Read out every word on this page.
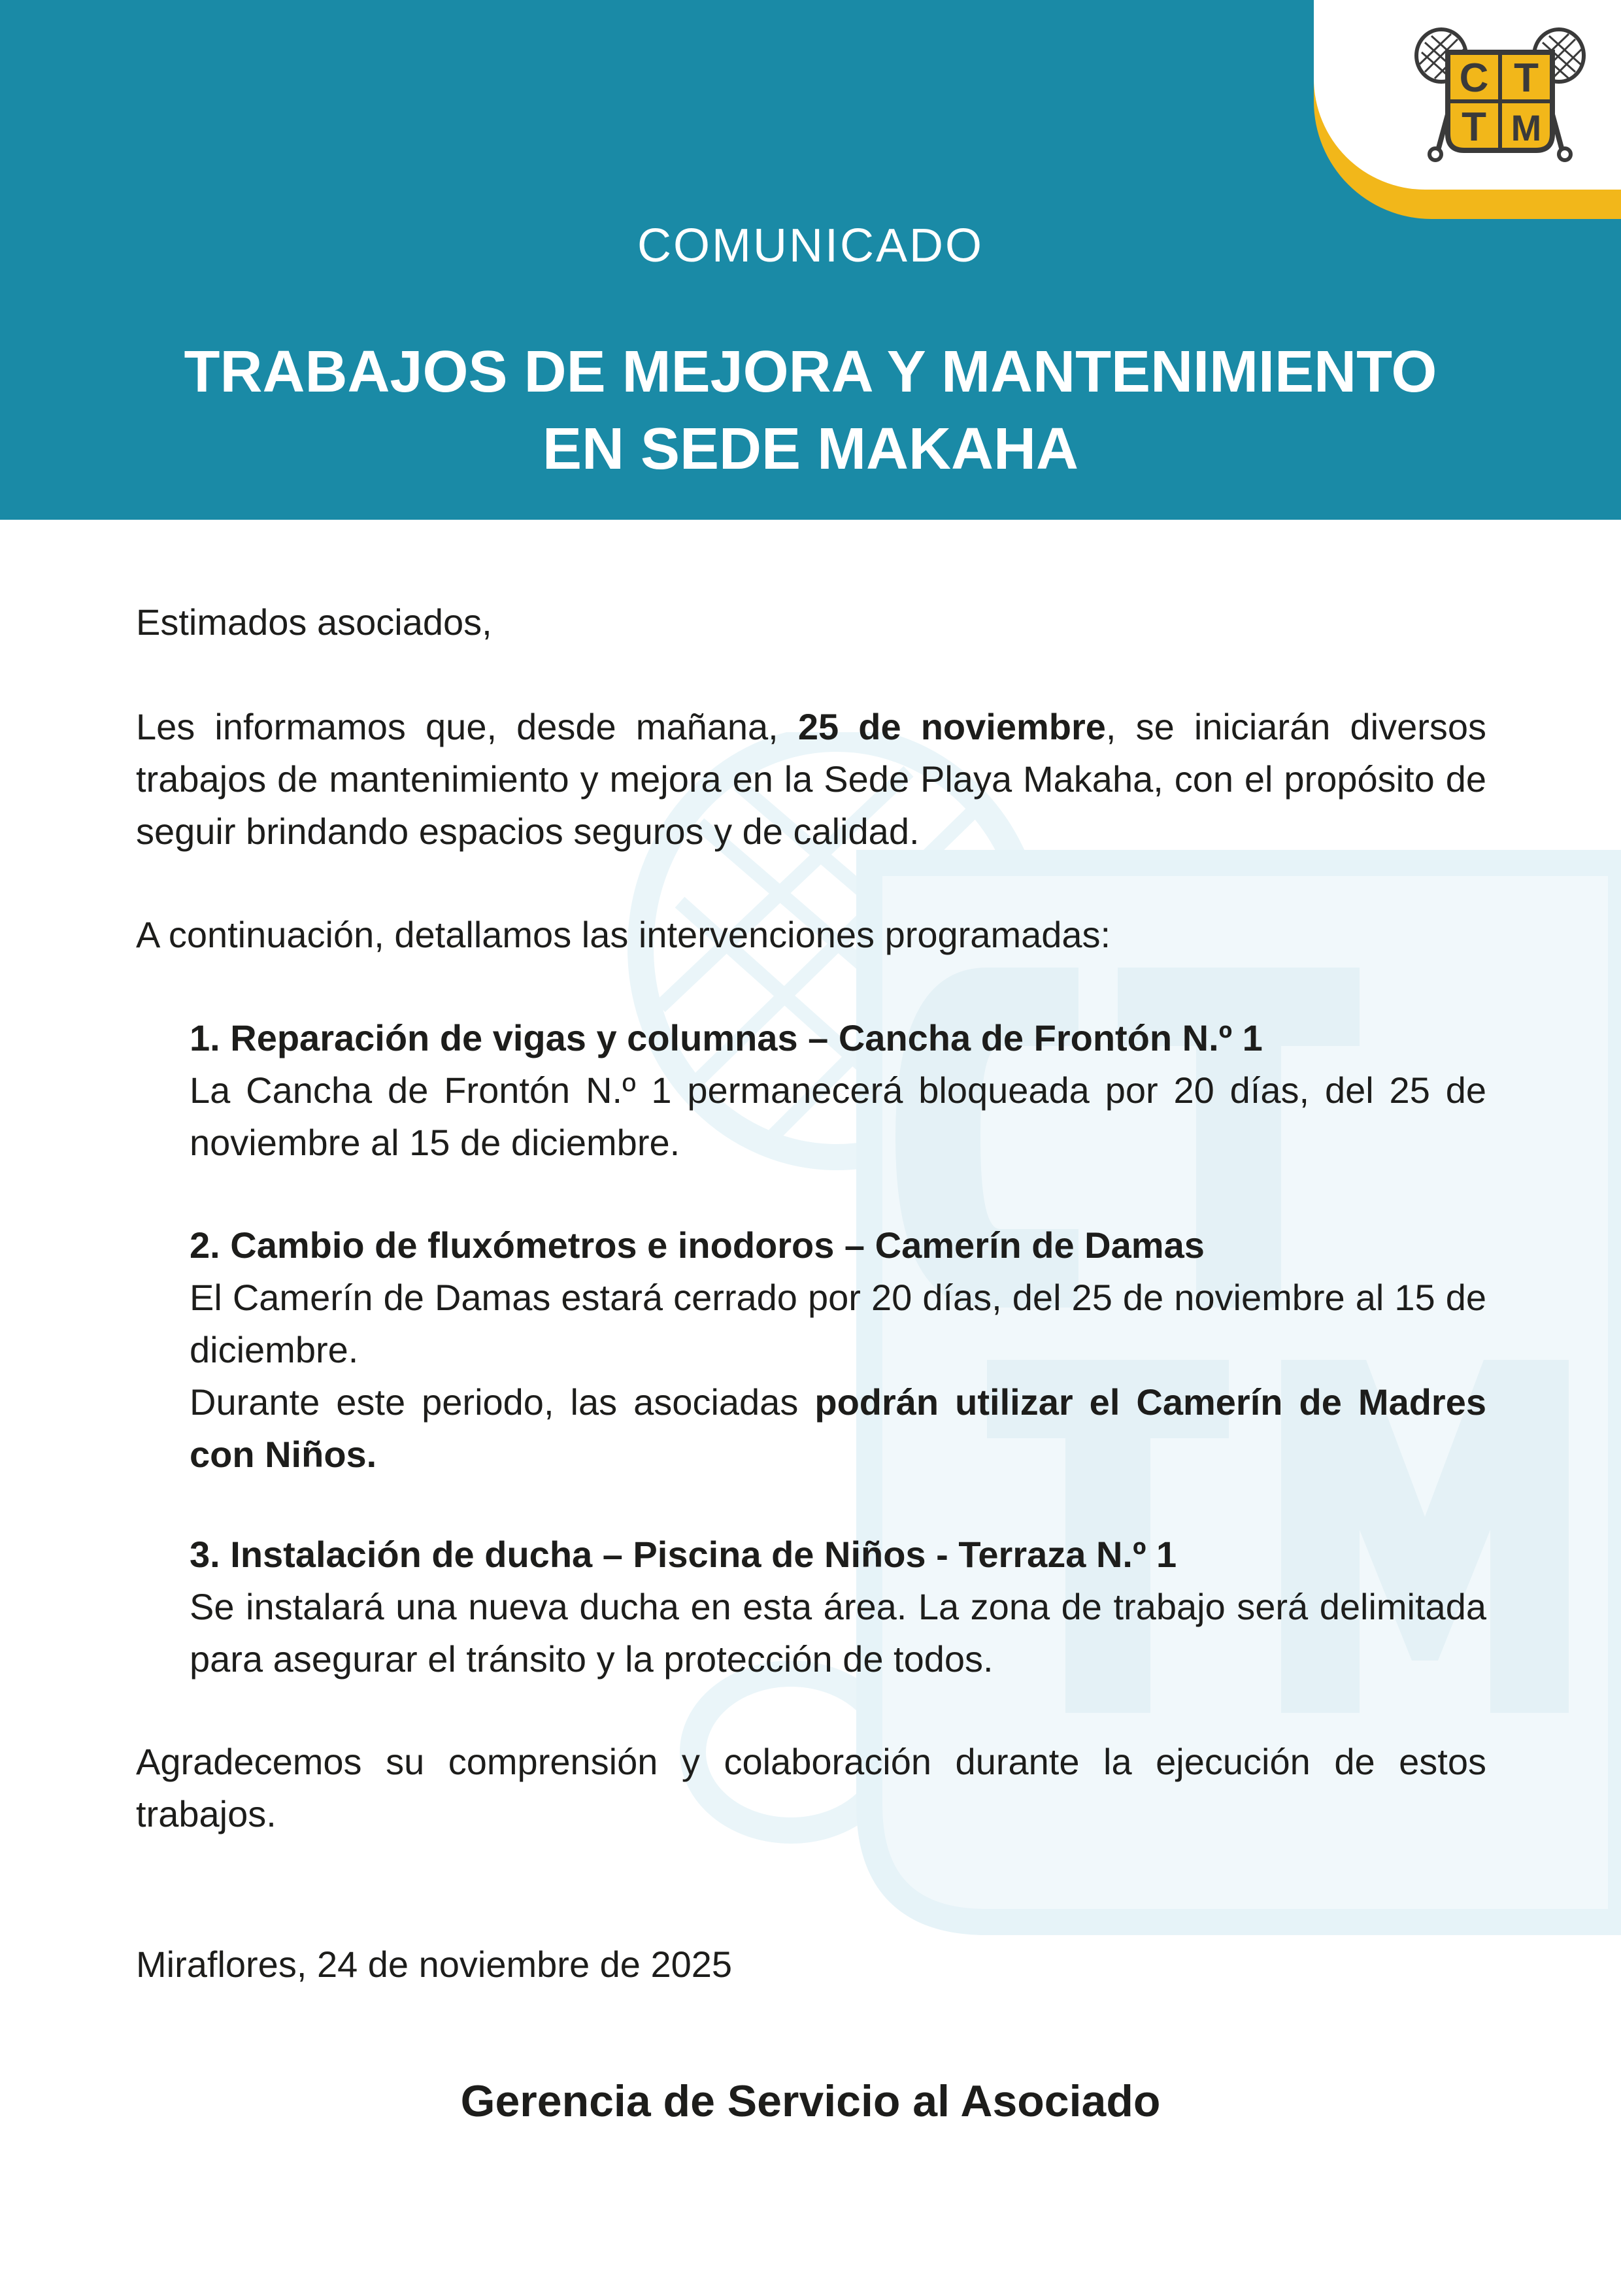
C T
T M
COMUNICADO
TRABAJOS DE MEJORA Y MANTENIMIENTO
EN SEDE MAKAHA

Estimados asociados,

Les informamos que, desde mañana, 25 de noviembre, se iniciarán diversos trabajos de mantenimiento y mejora en la Sede Playa Makaha, con el propósito de seguir brindando espacios seguros y de calidad.

A continuación, detallamos las intervenciones programadas:

1. Reparación de vigas y columnas – Cancha de Frontón N.º 1
La Cancha de Frontón N.º 1 permanecerá bloqueada por 20 días, del 25 de noviembre al 15 de diciembre.
2. Cambio de fluxómetros e inodoros – Camerín de Damas
El Camerín de Damas estará cerrado por 20 días, del 25 de noviembre al 15 de diciembre.
Durante este periodo, las asociadas podrán utilizar el Camerín de Madres con Niños.
3. Instalación de ducha – Piscina de Niños - Terraza N.º 1
Se instalará una nueva ducha en esta área. La zona de trabajo será delimitada para asegurar el tránsito y la protección de todos.

Agradecemos su comprensión y colaboración durante la ejecución de estos trabajos.

Miraflores, 24 de noviembre de 2025

Gerencia de Servicio al Asociado
